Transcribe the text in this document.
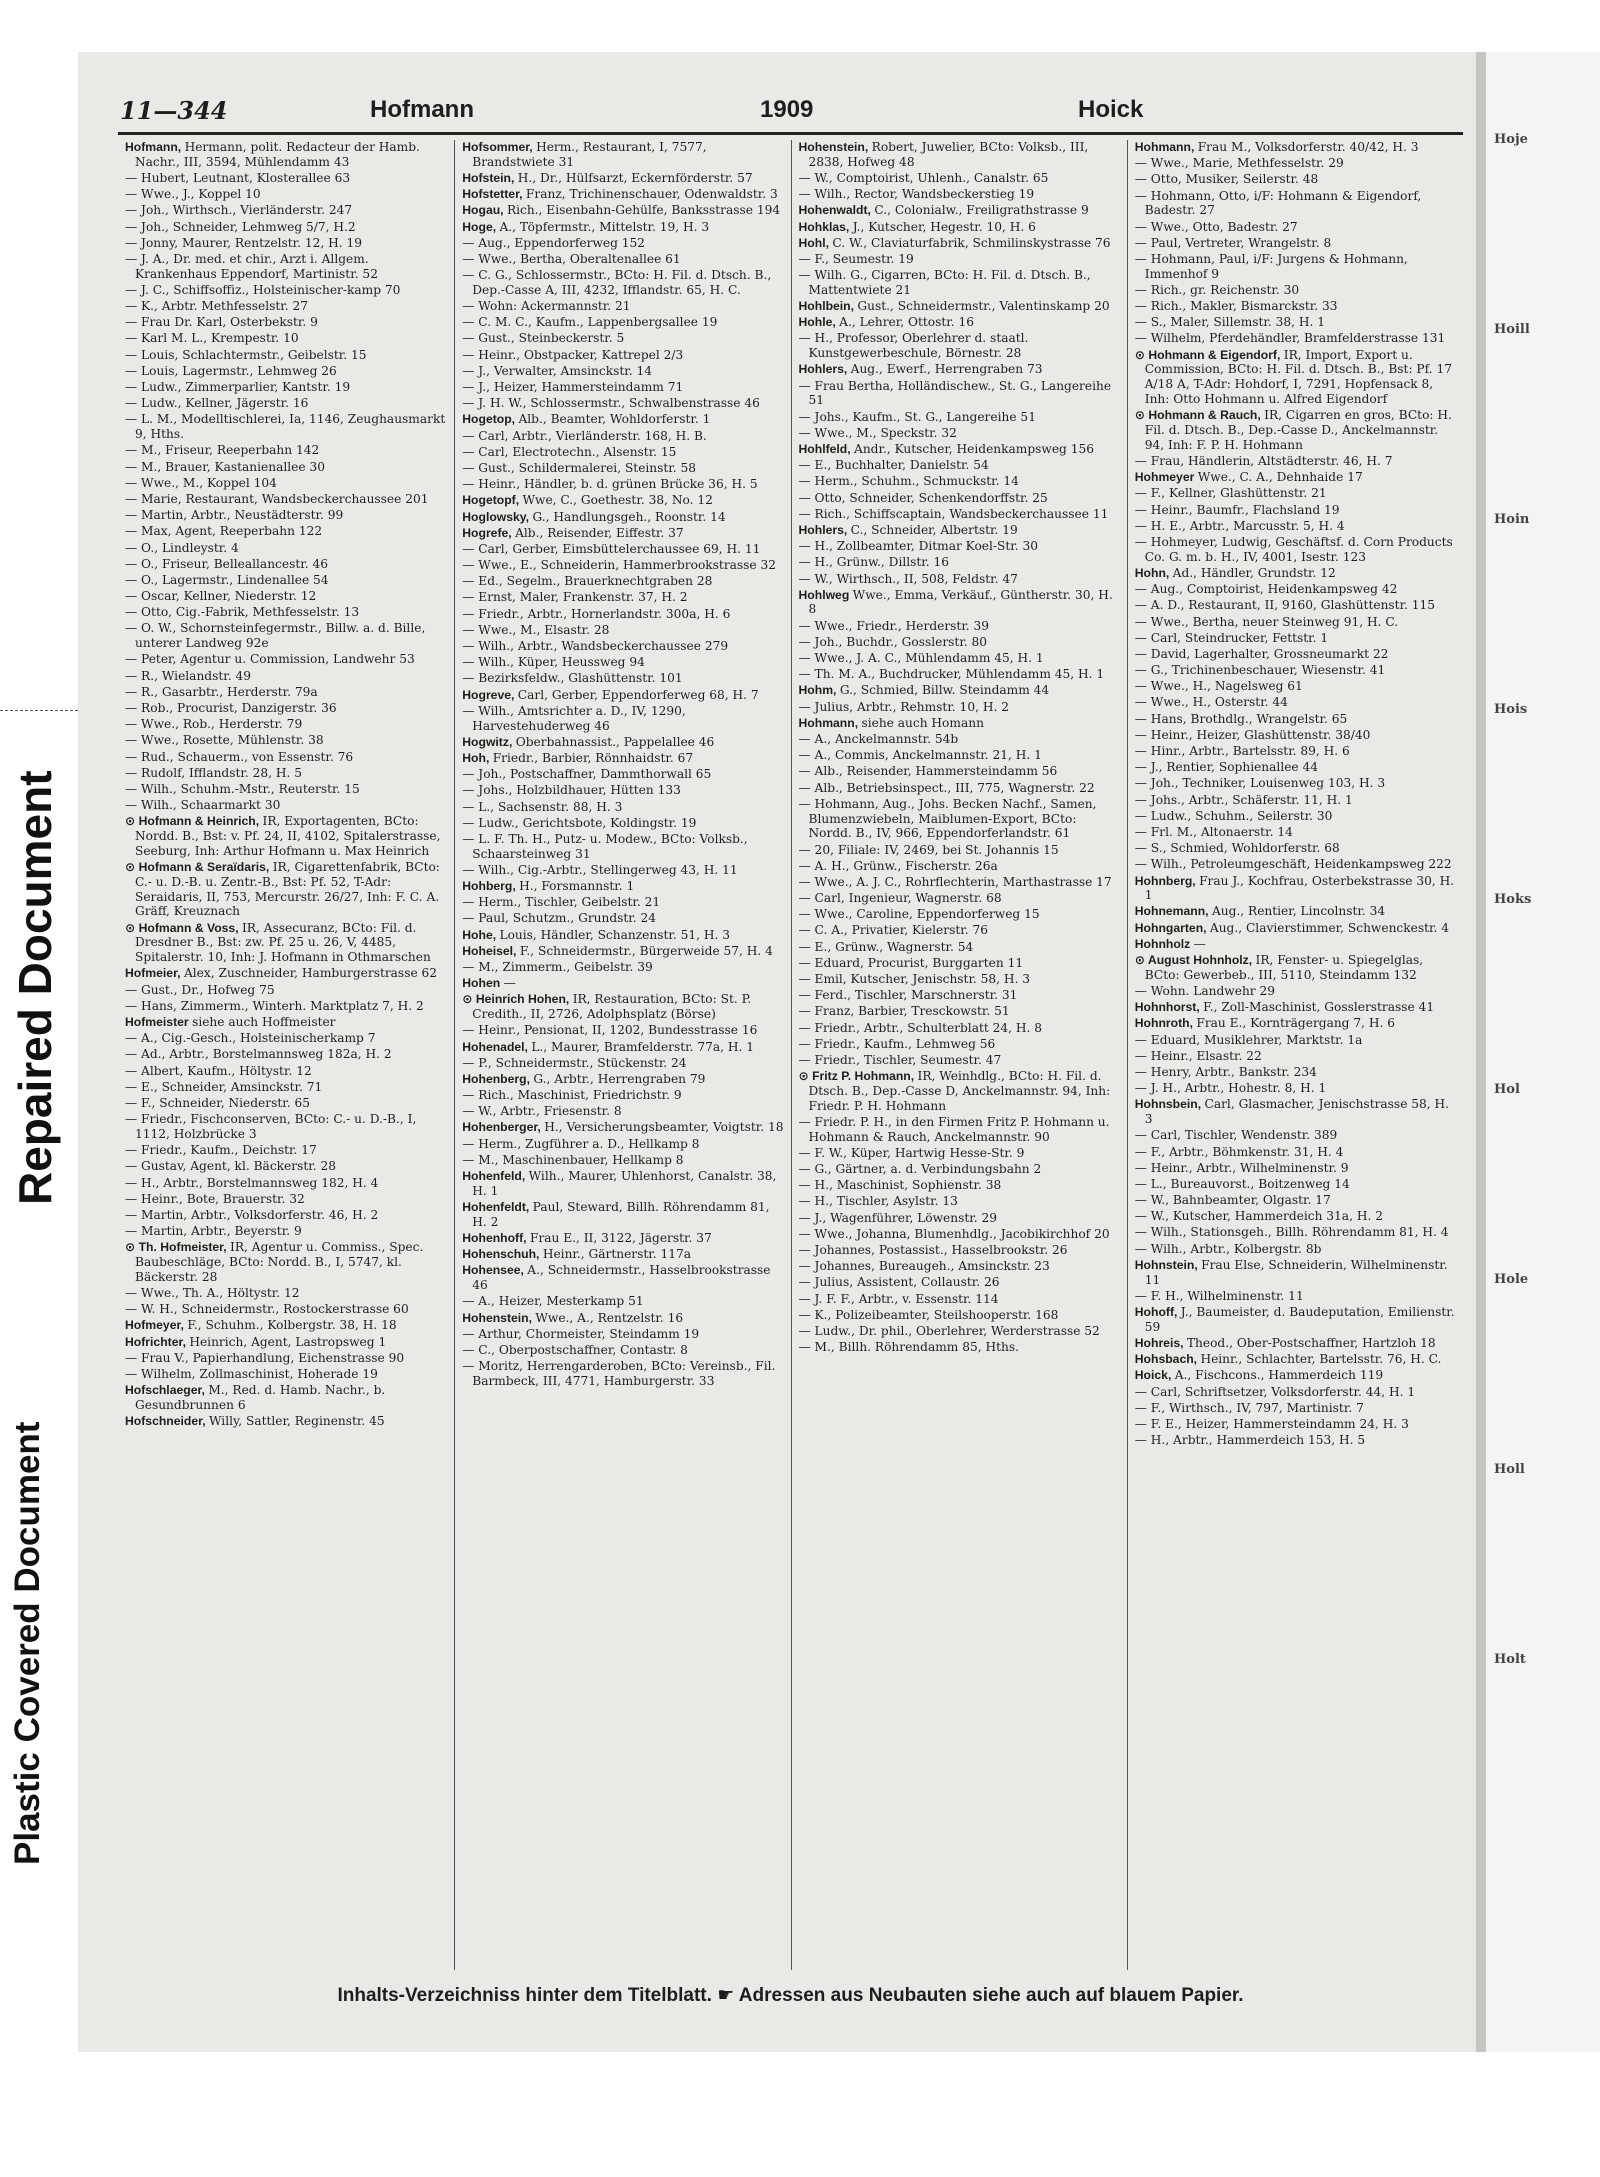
Repaired Document
Plastic Covered Document
11—344	Hofmann	1909	Hoick
Hofmann, Hermann, polit. Redacteur der Hamb. Nachr., III, 3594, Mühlendamm 43
— Hubert, Leutnant, Klosterallee 63
— Wwe., J., Koppel 10
— Joh., Wirthsch., Vierländerstr. 247
— Joh., Schneider, Lehmweg 5/7, H.2
— Jonny, Maurer, Rentzelstr. 12, H. 19
— J. A., Dr. med. et chir., Arzt i. Allgem. Krankenhaus Eppendorf, Martinistr. 52
— J. C., Schiffsoffiz., Holsteinischer-kamp 70
— K., Arbtr. Methfesselstr. 27
— Frau Dr. Karl, Osterbekstr. 9
— Karl M. L., Krempestr. 10
— Louis, Schlachtermstr., Geibelstr. 15
— Louis, Lagermstr., Lehmweg 26
— Ludw., Zimmerparlier, Kantstr. 19
— Ludw., Kellner, Jägerstr. 16
— L. M., Modelltischlerei, Ia, 1146, Zeughausmarkt 9, Hths.
— M., Friseur, Reeperbahn 142
— M., Brauer, Kastanienallee 30
— Wwe., M., Koppel 104
— Marie, Restaurant, Wandsbeckerchaussee 201
— Martin, Arbtr., Neustädterstr. 99
— Max, Agent, Reeperbahn 122
— O., Lindleystr. 4
— O., Friseur, Belleallancestr. 46
— O., Lagermstr., Lindenallee 54
— Oscar, Kellner, Niederstr. 12
— Otto, Cig.-Fabrik, Methfesselstr. 13
— O. W., Schornsteinfegermstr., Billw. a. d. Bille, unterer Landweg 92e
— Peter, Agentur u. Commission, Landwehr 53
— R., Wielandstr. 49
— R., Gasarbtr., Herderstr. 79a
— Rob., Procurist, Danzigerstr. 36
— Wwe., Rob., Herderstr. 79
— Wwe., Rosette, Mühlenstr. 38
— Rud., Schauerm., von Essenstr. 76
— Rudolf, Ifflandstr. 28, H. 5
— Wilh., Schuhm.-Mstr., Reuterstr. 15
— Wilh., Schaarmarkt 30
⊙ Hofmann & Heinrich, IR, Exportagenten, BCto: Nordd. B., Bst: v. Pf. 24, II, 4102, Spitalerstrasse, Seeburg, Inh: Arthur Hofmann u. Max Heinrich
⊙ Hofmann & Seraïdaris, IR, Cigarettenfabrik, BCto: C.- u. D.-B. u. Zentr.-B., Bst: Pf. 52, T-Adr: Seraidaris, II, 753, Mercurstr. 26/27, Inh: F. C. A. Gräff, Kreuznach
⊙ Hofmann & Voss, IR, Assecuranz, BCto: Fil. d. Dresdner B., Bst: zw. Pf. 25 u. 26, V, 4485, Spitalerstr. 10, Inh: J. Hofmann in Othmarschen
Hofmeier, Alex, Zuschneider, Hamburgerstrasse 62
— Gust., Dr., Hofweg 75
— Hans, Zimmerm., Winterh. Marktplatz 7, H. 2
Hofmeister siehe auch Hoffmeister
— A., Cig.-Gesch., Holsteinischerkamp 7
— Ad., Arbtr., Borstelmannsweg 182a, H. 2
— Albert, Kaufm., Höltystr. 12
— E., Schneider, Amsinckstr. 71
— F., Schneider, Niederstr. 65
— Friedr., Fischconserven, BCto: C.- u. D.-B., I, 1112, Holzbrücke 3
— Friedr., Kaufm., Deichstr. 17
— Gustav, Agent, kl. Bäckerstr. 28
— H., Arbtr., Borstelmannsweg 182, H. 4
— Heinr., Bote, Brauerstr. 32
— Martin, Arbtr., Volksdorferstr. 46, H. 2
— Martin, Arbtr., Beyerstr. 9
⊙ Th. Hofmeister, IR, Agentur u. Commiss., Spec. Baubeschläge, BCto: Nordd. B., I, 5747, kl. Bäckerstr. 28
— Wwe., Th. A., Höltystr. 12
— W. H., Schneidermstr., Rostockerstrasse 60
Hofmeyer, F., Schuhm., Kolbergstr. 38, H. 18
Hofrichter, Heinrich, Agent, Lastropsweg 1
— Frau V., Papierhandlung, Eichenstrasse 90
— Wilhelm, Zollmaschinist, Hoherade 19
Hofschlaeger, M., Red. d. Hamb. Nachr., b. Gesundbrunnen 6
Hofschneider, Willy, Sattler, Reginenstr. 45
Hofsommer, Herm., Restaurant, I, 7577, Brandstwiete 31
Hofstein, H., Dr., Hülfsarzt, Eckernförderstr. 57
Hofstetter, Franz, Trichinenschauer, Odenwaldstr. 3
Hogau, Rich., Eisenbahn-Gehülfe, Banksstrasse 194
Hoge, A., Töpfermstr., Mittelstr. 19, H. 3
— Aug., Eppendorferweg 152
— Wwe., Bertha, Oberaltenallee 61
— C. G., Schlossermstr., BCto: H. Fil. d. Dtsch. B., Dep.-Casse A, III, 4232, Ifflandstr. 65, H. C.
— Wohn: Ackermannstr. 21
— C. M. C., Kaufm., Lappenbergsallee 19
— Gust., Steinbeckerstr. 5
— Heinr., Obstpacker, Kattrepel 2/3
— J., Verwalter, Amsinckstr. 14
— J., Heizer, Hammersteindamm 71
— J. H. W., Schlossermstr., Schwalbenstrasse 46
Hogetop, Alb., Beamter, Wohldorferstr. 1
— Carl, Arbtr., Vierländerstr. 168, H. B.
— Carl, Electrotechn., Alsenstr. 15
— Gust., Schildermalerei, Steinstr. 58
— Heinr., Händler, b. d. grünen Brücke 36, H. 5
Hogetopf, Wwe, C., Goethestr. 38, No. 12
Hoglowsky, G., Handlungsgeh., Roonstr. 14
Hogrefe, Alb., Reisender, Eiffestr. 37
— Carl, Gerber, Eimsbüttelerchaussee 69, H. 11
— Wwe., E., Schneiderin, Hammerbrookstrasse 32
— Ed., Segelm., Brauerknechtgraben 28
— Ernst, Maler, Frankenstr. 37, H. 2
— Friedr., Arbtr., Hornerlandstr. 300a, H. 6
— Wwe., M., Elsastr. 28
— Wilh., Arbtr., Wandsbeckerchaussee 279
— Wilh., Küper, Heussweg 94
— Bezirksfeldw., Glashüttenstr. 101
Hogreve, Carl, Gerber, Eppendorferweg 68, H. 7
— Wilh., Amtsrichter a. D., IV, 1290, Harvestehuderweg 46
Hogwitz, Oberbahnassist., Pappelallee 46
Hoh, Friedr., Barbier, Rönnhaidstr. 67
— Joh., Postschaffner, Dammthorwall 65
— Johs., Holzbildhauer, Hütten 133
— L., Sachsenstr. 88, H. 3
— Ludw., Gerichtsbote, Koldingstr. 19
— L. F. Th. H., Putz- u. Modew., BCto: Volksb., Schaarsteinweg 31
— Wilh., Cig.-Arbtr., Stellingerweg 43, H. 11
Hohberg, H., Forsmannstr. 1
— Herm., Tischler, Geibelstr. 21
— Paul, Schutzm., Grundstr. 24
Hohe, Louis, Händler, Schanzenstr. 51, H. 3
Hoheisel, F., Schneidermstr., Bürgerweide 57, H. 4
— M., Zimmerm., Geibelstr. 39
Hohen —
⊙ Heinrich Hohen, IR, Restauration, BCto: St. P. Credith., II, 2726, Adolphsplatz (Börse)
— Heinr., Pensionat, II, 1202, Bundesstrasse 16
Hohenadel, L., Maurer, Bramfelderstr. 77a, H. 1
— P., Schneidermstr., Stückenstr. 24
Hohenberg, G., Arbtr., Herrengraben 79
— Rich., Maschinist, Friedrichstr. 9
— W., Arbtr., Friesenstr. 8
Hohenberger, H., Versicherungsbeamter, Voigtstr. 18
— Herm., Zugführer a. D., Hellkamp 8
— M., Maschinenbauer, Hellkamp 8
Hohenfeld, Wilh., Maurer, Uhlenhorst, Canalstr. 38, H. 1
Hohenfeldt, Paul, Steward, Billh. Röhrendamm 81, H. 2
Hohenhoff, Frau E., II, 3122, Jägerstr. 37
Hohenschuh, Heinr., Gärtnerstr. 117a
Hohensee, A., Schneidermstr., Hasselbrookstrasse 46
— A., Heizer, Mesterkamp 51
Hohenstein, Wwe., A., Rentzelstr. 16
— Arthur, Chormeister, Steindamm 19
— C., Oberpostschaffner, Contastr. 8
— Moritz, Herrengarderoben, BCto: Vereinsb., Fil. Barmbeck, III, 4771, Hamburgerstr. 33
Hohenstein, Robert, Juwelier, BCto: Volksb., III, 2838, Hofweg 48
— W., Comptoirist, Uhlenh., Canalstr. 65
— Wilh., Rector, Wandsbeckerstieg 19
Hohenwaldt, C., Colonialw., Freiligrathstrasse 9
Hohklas, J., Kutscher, Hegestr. 10, H. 6
Hohl, C. W., Claviaturfabrik, Schmilinskystrasse 76
— F., Seumestr. 19
— Wilh. G., Cigarren, BCto: H. Fil. d. Dtsch. B., Mattentwiete 21
Hohlbein, Gust., Schneidermstr., Valentinskamp 20
Hohle, A., Lehrer, Ottostr. 16
— H., Professor, Oberlehrer d. staatl. Kunstgewerbeschule, Börnestr. 28
Hohlers, Aug., Ewerf., Herrengraben 73
— Frau Bertha, Holländischew., St. G., Langereihe 51
— Johs., Kaufm., St. G., Langereihe 51
— Wwe., M., Speckstr. 32
Hohlfeld, Andr., Kutscher, Heidenkampsweg 156
— E., Buchhalter, Danielstr. 54
— Herm., Schuhm., Schmuckstr. 14
— Otto, Schneider, Schenkendorffstr. 25
— Rich., Schiffscaptain, Wandsbeckerchaussee 11
Hohlers, C., Schneider, Albertstr. 19
— H., Zollbeamter, Ditmar Koel-Str. 30
— H., Grünw., Dillstr. 16
— W., Wirthsch., II, 508, Feldstr. 47
Hohlweg Wwe., Emma, Verkäuf., Güntherstr. 30, H. 8
— Wwe., Friedr., Herderstr. 39
— Joh., Buchdr., Gosslerstr. 80
— Wwe., J. A. C., Mühlendamm 45, H. 1
— Th. M. A., Buchdrucker, Mühlendamm 45, H. 1
Hohm, G., Schmied, Billw. Steindamm 44
— Julius, Arbtr., Rehmstr. 10, H. 2
Hohmann, siehe auch Homann
— A., Anckelmannstr. 54b
— A., Commis, Anckelmannstr. 21, H. 1
— Alb., Reisender, Hammersteindamm 56
— Alb., Betriebsinspect., III, 775, Wagnerstr. 22
— Hohmann, Aug., Johs. Becken Nachf., Samen, Blumenzwiebeln, Maiblumen-Export, BCto: Nordd. B., IV, 966, Eppendorferlandstr. 61
— 20, Filiale: IV, 2469, bei St. Johannis 15
— A. H., Grünw., Fischerstr. 26a
— Wwe., A. J. C., Rohrflechterin, Marthastrasse 17
— Carl, Ingenieur, Wagnerstr. 68
— Wwe., Caroline, Eppendorferweg 15
— C. A., Privatier, Kielerstr. 76
— E., Grünw., Wagnerstr. 54
— Eduard, Procurist, Burggarten 11
— Emil, Kutscher, Jenischstr. 58, H. 3
— Ferd., Tischler, Marschnerstr. 31
— Franz, Barbier, Tresckowstr. 51
— Friedr., Arbtr., Schulterblatt 24, H. 8
— Friedr., Kaufm., Lehmweg 56
— Friedr., Tischler, Seumestr. 47
⊙ Fritz P. Hohmann, IR, Weinhdlg., BCto: H. Fil. d. Dtsch. B., Dep.-Casse D, Anckelmannstr. 94, Inh: Friedr. P. H. Hohmann
— Friedr. P. H., in den Firmen Fritz P. Hohmann u. Hohmann & Rauch, Anckelmannstr. 90
— F. W., Küper, Hartwig Hesse-Str. 9
— G., Gärtner, a. d. Verbindungsbahn 2
— H., Maschinist, Sophienstr. 38
— H., Tischler, Asylstr. 13
— J., Wagenführer, Löwenstr. 29
— Wwe., Johanna, Blumenhdlg., Jacobikirchhof 20
— Johannes, Postassist., Hasselbrookstr. 26
— Johannes, Bureaugeh., Amsinckstr. 23
— Julius, Assistent, Collaustr. 26
— J. F. F., Arbtr., v. Essenstr. 114
— K., Polizeibeamter, Steilshooperstr. 168
— Ludw., Dr. phil., Oberlehrer, Werderstrasse 52
— M., Billh. Röhrendamm 85, Hths.
Hohmann, Frau M., Volksdorferstr. 40/42, H. 3
— Wwe., Marie, Methfesselstr. 29
— Otto, Musiker, Seilerstr. 48
— Hohmann, Otto, i/F: Hohmann & Eigendorf, Badestr. 27
— Wwe., Otto, Badestr. 27
— Paul, Vertreter, Wrangelstr. 8
— Hohmann, Paul, i/F: Jurgens & Hohmann, Immenhof 9
— Rich., gr. Reichenstr. 30
— Rich., Makler, Bismarckstr. 33
— S., Maler, Sillemstr. 38, H. 1
— Wilhelm, Pferdehändler, Bramfelderstrasse 131
⊙ Hohmann & Eigendorf, IR, Import, Export u. Commission, BCto: H. Fil. d. Dtsch. B., Bst: Pf. 17 A/18 A, T-Adr: Hohdorf, I, 7291, Hopfensack 8, Inh: Otto Hohmann u. Alfred Eigendorf
⊙ Hohmann & Rauch, IR, Cigarren en gros, BCto: H. Fil. d. Dtsch. B., Dep.-Casse D., Anckelmannstr. 94, Inh: F. P. H. Hohmann
— Frau, Händlerin, Altstädterstr. 46, H. 7
Hohmeyer Wwe., C. A., Dehnhaide 17
— F., Kellner, Glashüttenstr. 21
— Heinr., Baumfr., Flachsland 19
— H. E., Arbtr., Marcusstr. 5, H. 4
— Hohmeyer, Ludwig, Geschäftsf. d. Corn Products Co. G. m. b. H., IV, 4001, Isestr. 123
Hohn, Ad., Händler, Grundstr. 12
— Aug., Comptoirist, Heidenkampsweg 42
— A. D., Restaurant, II, 9160, Glashüttenstr. 115
— Wwe., Bertha, neuer Steinweg 91, H. C.
— Carl, Steindrucker, Fettstr. 1
— David, Lagerhalter, Grossneumarkt 22
— G., Trichinenbeschauer, Wiesenstr. 41
— Wwe., H., Nagelsweg 61
— Wwe., H., Osterstr. 44
— Hans, Brothdlg., Wrangelstr. 65
— Heinr., Heizer, Glashüttenstr. 38/40
— Hinr., Arbtr., Bartelsstr. 89, H. 6
— J., Rentier, Sophienallee 44
— Joh., Techniker, Louisenweg 103, H. 3
— Johs., Arbtr., Schäferstr. 11, H. 1
— Ludw., Schuhm., Seilerstr. 30
— Frl. M., Altonaerstr. 14
— S., Schmied, Wohldorferstr. 68
— Wilh., Petroleumgeschäft, Heidenkampsweg 222
Hohnberg, Frau J., Kochfrau, Osterbekstrasse 30, H. 1
Hohnemann, Aug., Rentier, Lincolnstr. 34
Hohngarten, Aug., Clavierstimmer, Schwenckestr. 4
Hohnholz —
⊙ August Hohnholz, IR, Fenster- u. Spiegelglas, BCto: Gewerbeb., III, 5110, Steindamm 132
— Wohn. Landwehr 29
Hohnhorst, F., Zoll-Maschinist, Gosslerstrasse 41
Hohnroth, Frau E., Kornträgergang 7, H. 6
— Eduard, Musiklehrer, Marktstr. 1a
— Heinr., Elsastr. 22
— Henry, Arbtr., Bankstr. 234
— J. H., Arbtr., Hohestr. 8, H. 1
Hohnsbein, Carl, Glasmacher, Jenischstrasse 58, H. 3
— Carl, Tischler, Wendenstr. 389
— F., Arbtr., Böhmkenstr. 31, H. 4
— Heinr., Arbtr., Wilhelminenstr. 9
— L., Bureauvorst., Boitzenweg 14
— W., Bahnbeamter, Olgastr. 17
— W., Kutscher, Hammerdeich 31a, H. 2
— Wilh., Stationsgeh., Billh. Röhrendamm 81, H. 4
— Wilh., Arbtr., Kolbergstr. 8b
Hohnstein, Frau Else, Schneiderin, Wilhelminenstr. 11
— F. H., Wilhelminenstr. 11
Hohoff, J., Baumeister, d. Baudeputation, Emilienstr. 59
Hohreis, Theod., Ober-Postschaffner, Hartzloh 18
Hohsbach, Heinr., Schlachter, Bartelsstr. 76, H. C.
Hoick, A., Fischcons., Hammerdeich 119
— Carl, Schriftsetzer, Volksdorferstr. 44, H. 1
— F., Wirthsch., IV, 797, Martinistr. 7
— F. E., Heizer, Hammersteindamm 24, H. 3
— H., Arbtr., Hammerdeich 153, H. 5
Inhalts-Verzeichniss hinter dem Titelblatt. ☛ Adressen aus Neubauten siehe auch auf blauem Papier.
Hoje
Hoill
Hoin
Hois
Hoks
Hol
Hole
Holl
Holt
